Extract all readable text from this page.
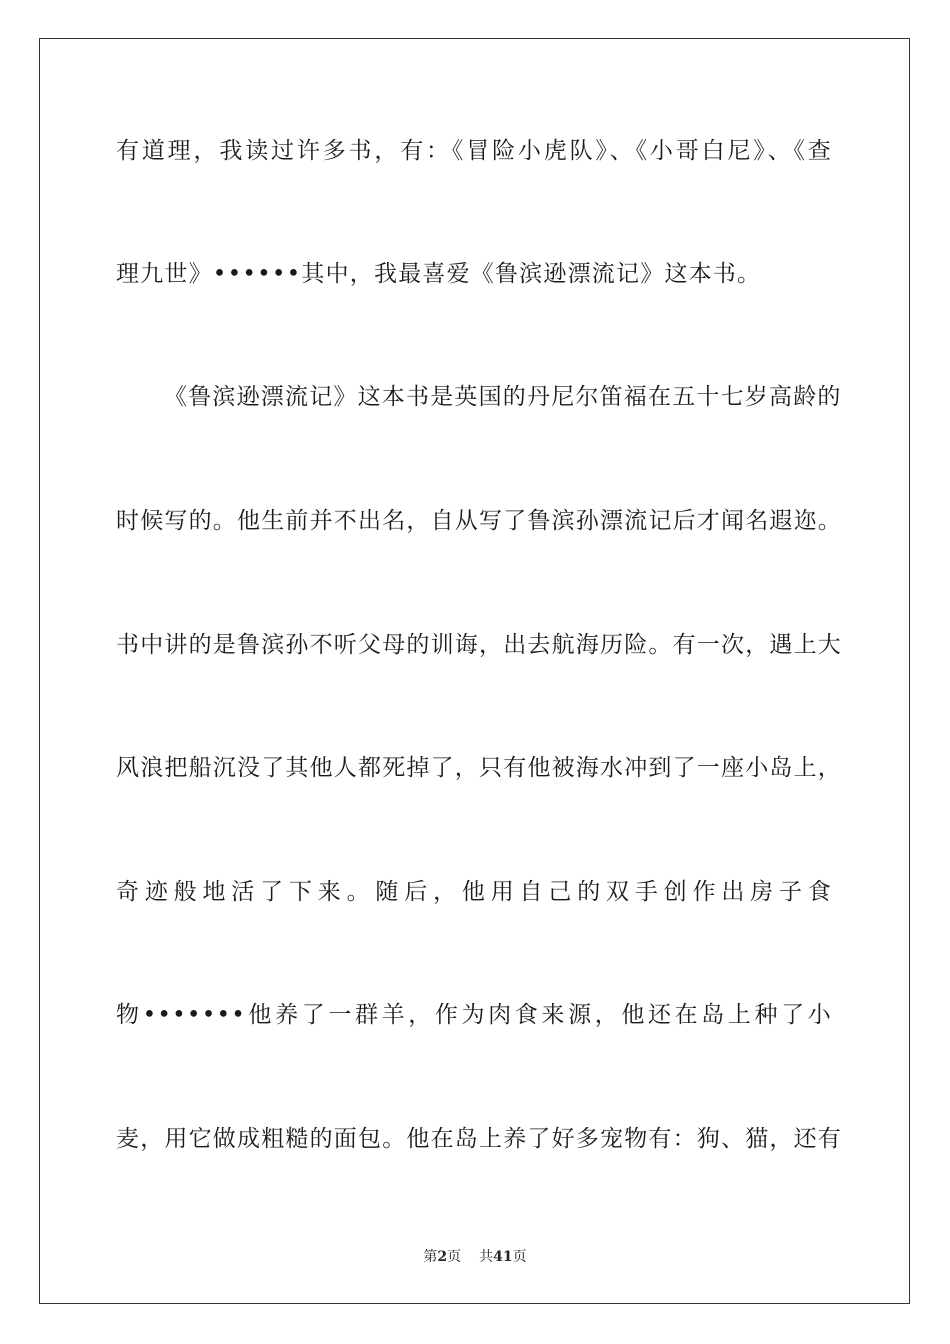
有道理，我读过许多书，有：《冒险小虎队》、《小哥白尼》、《查
理九世》••••••其中，我最喜爱《鲁滨逊漂流记》这本书。
《鲁滨逊漂流记》这本书是英国的丹尼尔笛福在五十七岁高龄的
时候写的。他生前并不出名，自从写了鲁滨孙漂流记后才闻名遐迩。
书中讲的是鲁滨孙不听父母的训诲，出去航海历险。有一次，遇上大
风浪把船沉没了其他人都死掉了，只有他被海水冲到了一座小岛上，
奇迹般地活了下来。随后，他用自己的双手创作出房子食
物•••••••他养了一群羊，作为肉食来源，他还在岛上种了小
麦，用它做成粗糙的面包。他在岛上养了好多宠物有：狗、猫，还有
第2页 共41页
